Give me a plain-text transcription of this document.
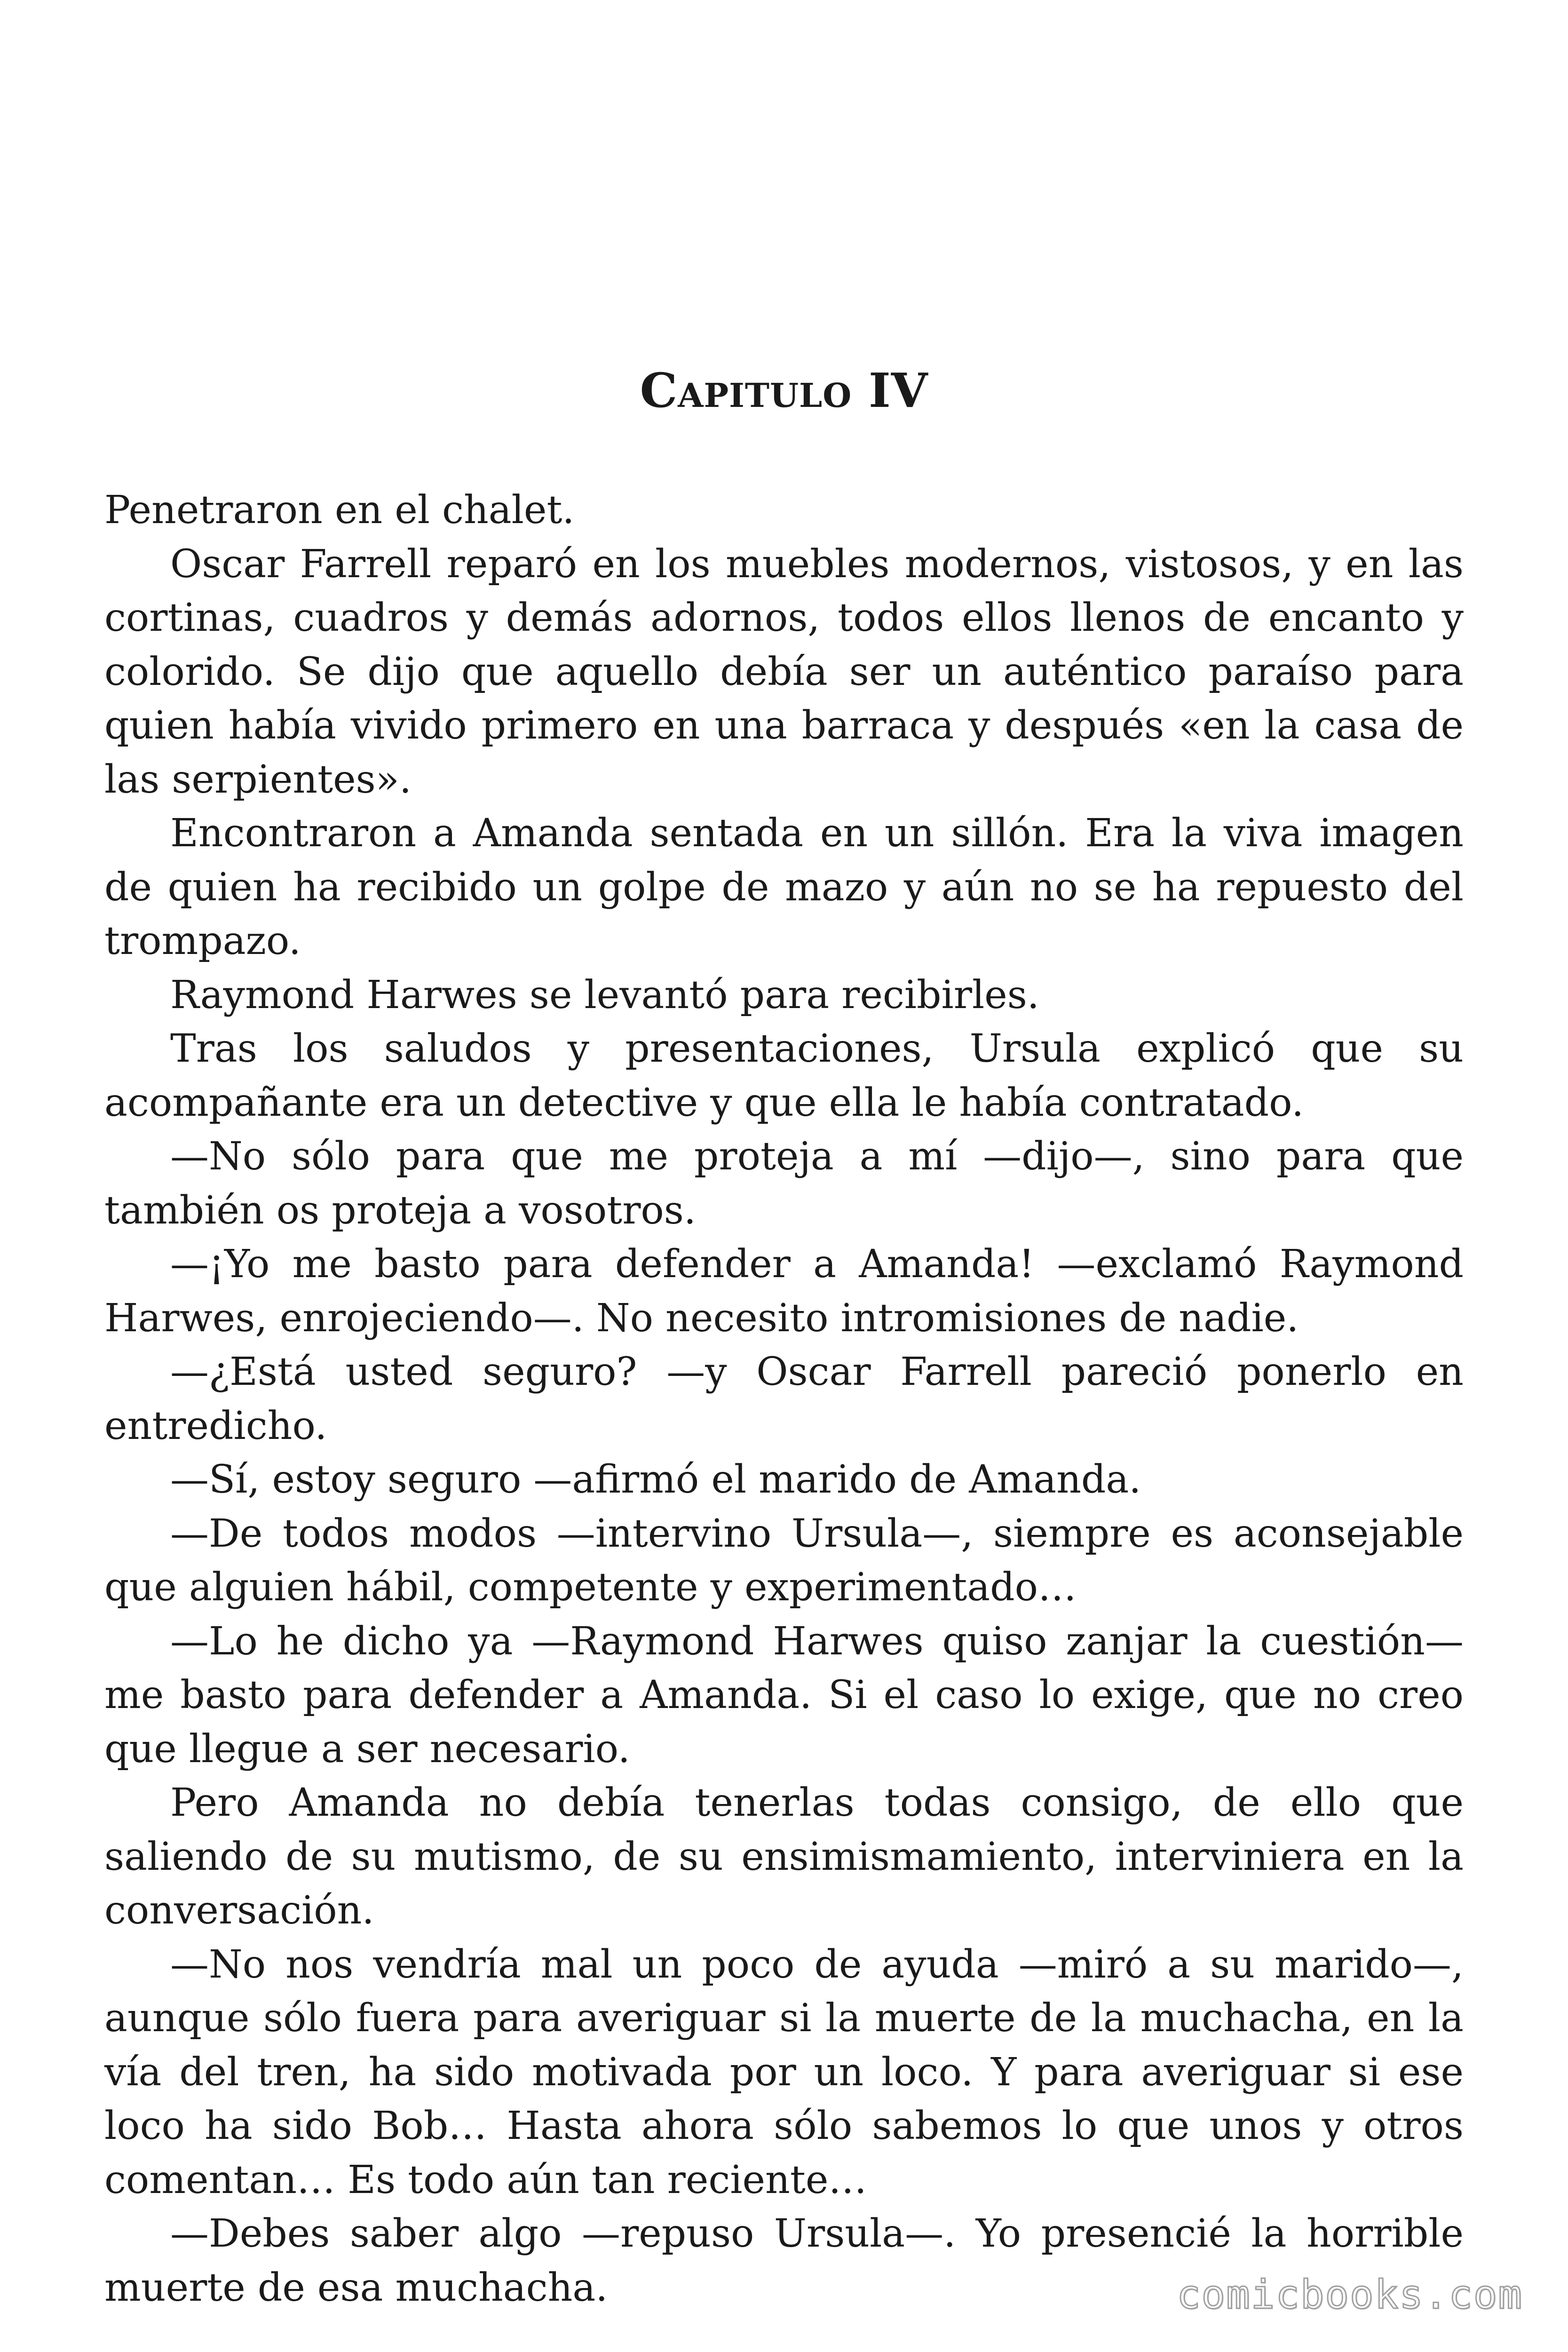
Capitulo IV

Penetraron en el chalet.

Oscar Farrell reparó en los muebles modernos, vistosos, y en las cortinas, cuadros y demás adornos, todos ellos llenos de encanto y colorido. Se dijo que aquello debía ser un auténtico paraíso para quien había vivido primero en una barraca y después «en la casa de las serpientes».

Encontraron a Amanda sentada en un sillón. Era la viva imagen de quien ha recibido un golpe de mazo y aún no se ha repuesto del trompazo.

Raymond Harwes se levantó para recibirles.

Tras los saludos y presentaciones, Ursula explicó que su acompañante era un detective y que ella le había contratado.

—No sólo para que me proteja a mí —dijo—, sino para que también os proteja a vosotros.

—¡Yo me basto para defender a Amanda! —exclamó Raymond Harwes, enrojeciendo—. No necesito intromisiones de nadie.

—¿Está usted seguro? —y Oscar Farrell pareció ponerlo en entredicho.

—Sí, estoy seguro —afirmó el marido de Amanda.

—De todos modos —intervino Ursula—, siempre es aconsejable que alguien hábil, competente y experimentado…

—Lo he dicho ya —Raymond Harwes quiso zanjar la cuestión— me basto para defender a Amanda. Si el caso lo exige, que no creo que llegue a ser necesario.

Pero Amanda no debía tenerlas todas consigo, de ello que saliendo de su mutismo, de su ensimismamiento, interviniera en la conversación.

—No nos vendría mal un poco de ayuda —miró a su marido—, aunque sólo fuera para averiguar si la muerte de la muchacha, en la vía del tren, ha sido motivada por un loco. Y para averiguar si ese loco ha sido Bob… Hasta ahora sólo sabemos lo que unos y otros comentan… Es todo aún tan reciente…

—Debes saber algo —repuso Ursula—. Yo presencié la horrible muerte de esa muchacha.	comicbooks.com
